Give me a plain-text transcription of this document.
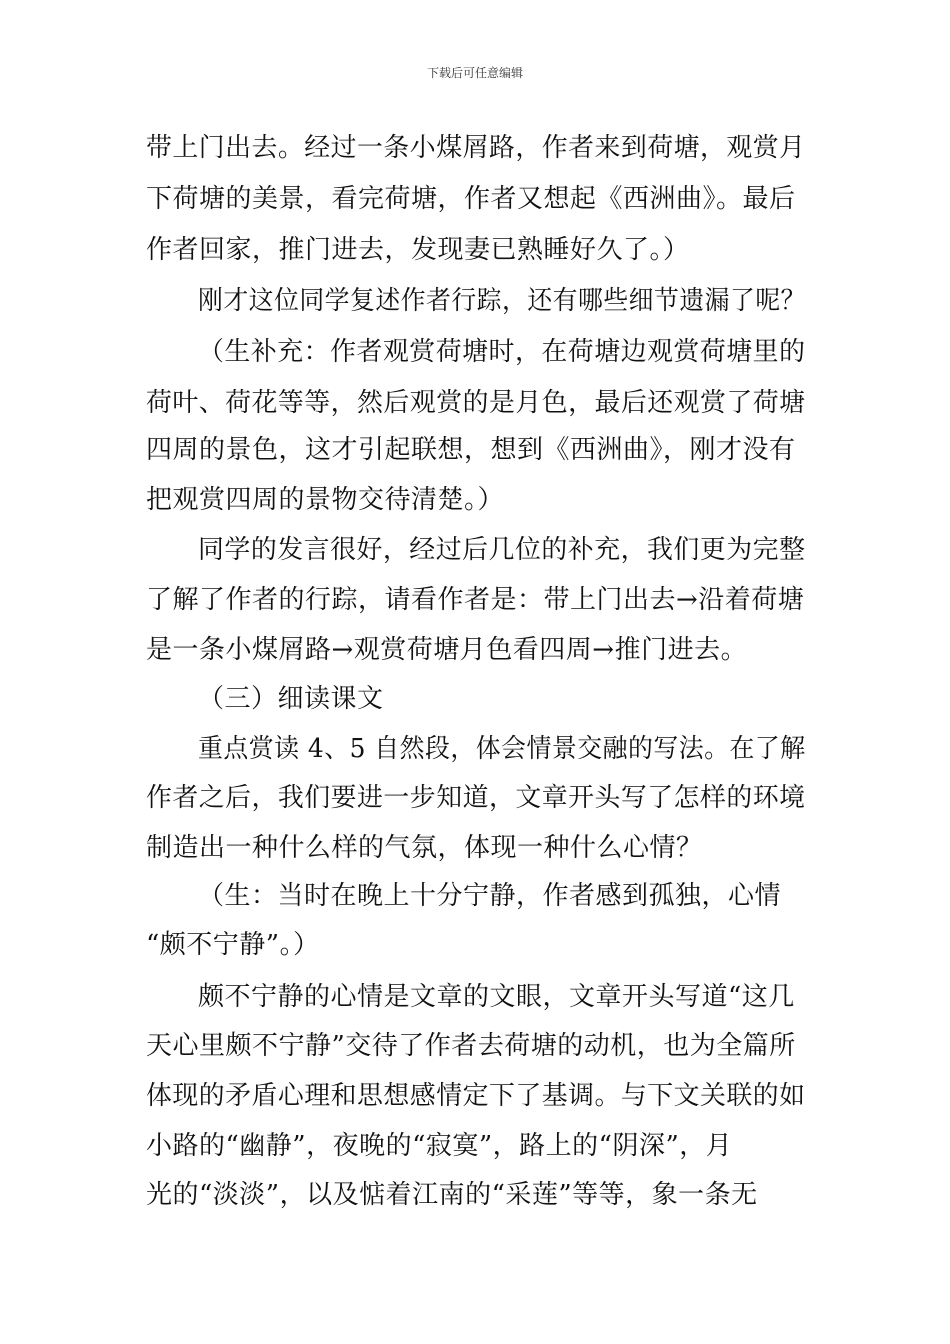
下载后可任意编辑
带上门出去。经过一条小煤屑路，作者来到荷塘，观赏月
下荷塘的美景，看完荷塘，作者又想起《西洲曲》。最后
作者回家，推门进去，发现妻已熟睡好久了。）
刚才这位同学复述作者行踪，还有哪些细节遗漏了呢？
（生补充：作者观赏荷塘时，在荷塘边观赏荷塘里的
荷叶、荷花等等，然后观赏的是月色，最后还观赏了荷塘
四周的景色，这才引起联想，想到《西洲曲》，刚才没有
把观赏四周的景物交待清楚。）
同学的发言很好，经过后几位的补充，我们更为完整
了解了作者的行踪，请看作者是：带上门出去→沿着荷塘
是一条小煤屑路→观赏荷塘月色看四周→推门进去。
（三）细读课文
重点赏读 4、5 自然段，体会情景交融的写法。在了解
作者之后，我们要进一步知道，文章开头写了怎样的环境
制造出一种什么样的气氛，体现一种什么心情？
（生：当时在晚上十分宁静，作者感到孤独，心情
“颇不宁静”。）
颇不宁静的心情是文章的文眼，文章开头写道“这几
天心里颇不宁静”交待了作者去荷塘的动机，也为全篇所
体现的矛盾心理和思想感情定下了基调。与下文关联的如
小路的“幽静”，夜晚的“寂寞”，路上的“阴深”，月
光的“淡淡”，以及惦着江南的“采莲”等等，象一条无
